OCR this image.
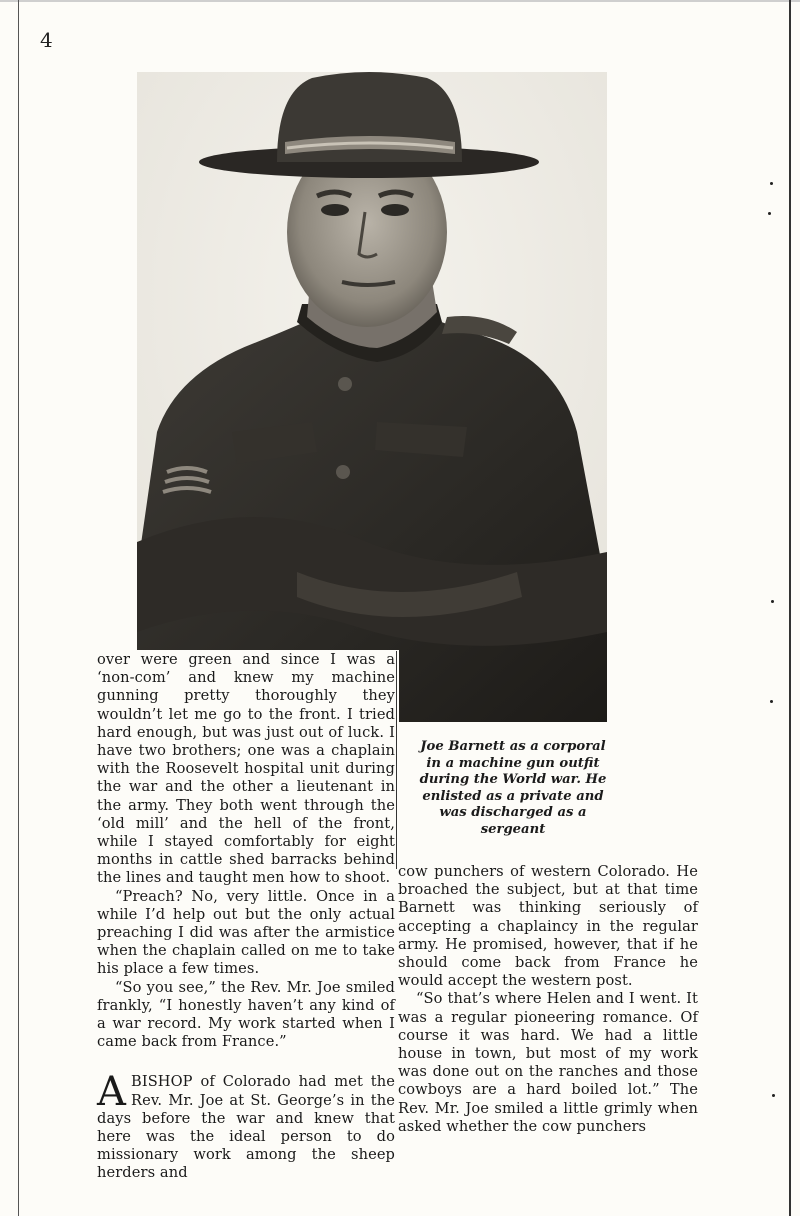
4
Joe Barnett as a corporal in a machine gun outfit during the World war. He enlisted as a private and was discharged as a sergeant

over were green and since I was a ‘non-com’ and knew my machine gunning pretty thoroughly they wouldn’t let me go to the front. I tried hard enough, but was just out of luck. I have two brothers; one was a chaplain with the Roosevelt hospital unit during the war and the other a lieutenant in the army. They both went through the ‘old mill’ and the hell of the front, while I stayed comfortably for eight months in cattle shed barracks behind the lines and taught men how to shoot.

“Preach? No, very little. Once in a while I’d help out but the only actual preaching I did was after the armistice when the chaplain called on me to take his place a few times.

“So you see,” the Rev. Mr. Joe smiled frankly, “I honestly haven’t any kind of a war record. My work started when I came back from France.”

ABISHOP of Colorado had met the Rev. Mr. Joe at St. George’s in the days before the war and knew that here was the ideal person to do missionary work among the sheep herders and

cow punchers of western Colorado. He broached the subject, but at that time Barnett was thinking seriously of accepting a chaplaincy in the regular army. He promised, however, that if he should come back from France he would accept the western post.

“So that’s where Helen and I went. It was a regular pioneering romance. Of course it was hard. We had a little house in town, but most of my work was done out on the ranches and those cowboys are a hard boiled lot.” The Rev. Mr. Joe smiled a little grimly when asked whether the cow punchers
